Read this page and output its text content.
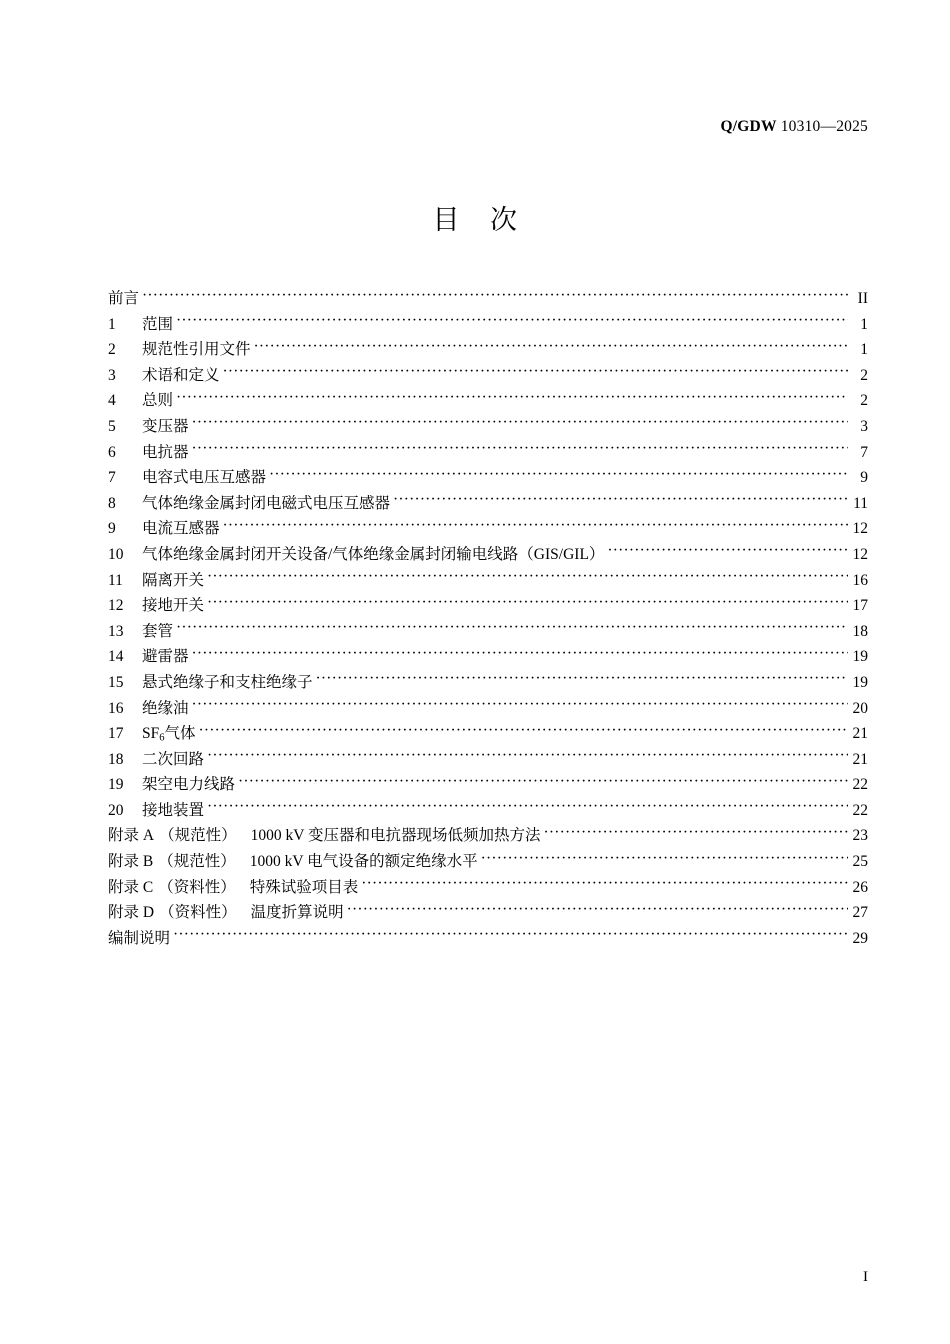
Q/GDW 10310—2025
目 次
前言 ·····	II
1	范围 ·····	1
2	规范性引用文件 ·····	1
3	术语和定义 ·····	2
4	总则 ·····	2
5	变压器 ·····	3
6	电抗器 ·····	7
7	电容式电压互感器 ·····	9
8	气体绝缘金属封闭电磁式电压互感器 ·····	11
9	电流互感器 ·····	12
10	气体绝缘金属封闭开关设备/气体绝缘金属封闭输电线路（GIS/GIL） ·····	12
11	隔离开关 ·····	16
12	接地开关 ·····	17
13	套管 ·····	18
14	避雷器 ·····	19
15	悬式绝缘子和支柱绝缘子 ·····	19
16	绝缘油 ·····	20
17	$SF_6$气体 ·····	21
18	二次回路 ·····	21
19	架空电力线路 ·····	22
20	接地装置 ·····	22
附录 A （规范性） 1000 kV 变压器和电抗器现场低频加热方法 ·····	23
附录 B （规范性） 1000 kV 电气设备的额定绝缘水平 ·····	25
附录 C （资料性） 特殊试验项目表 ·····	26
附录 D （资料性） 温度折算说明 ·····	27
编制说明 ·····	29
I
